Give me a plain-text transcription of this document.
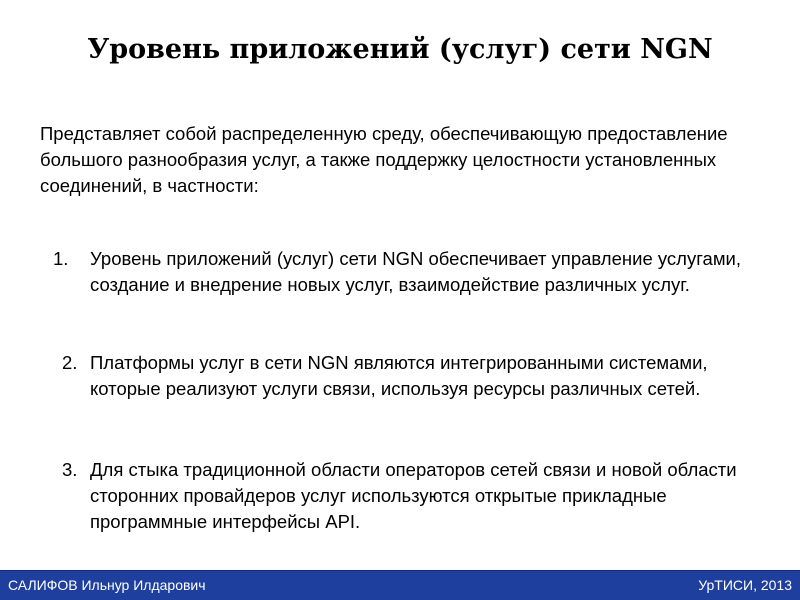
Уровень приложений (услуг) сети NGN
Представляет собой распределенную среду, обеспечивающую предоставление большого разнообразия услуг, а также поддержку целостности установленных соединений, в частности:
1. Уровень приложений (услуг) сети NGN обеспечивает управление услугами, создание и внедрение новых услуг, взаимодействие различных услуг.
2. Платформы услуг в сети NGN являются интегрированными системами, которые реализуют услуги связи, используя ресурсы различных сетей.
3. Для стыка традиционной области операторов сетей связи и новой области сторонних провайдеров услуг используются открытые прикладные программные интерфейсы API.
САЛИФОВ Ильнур Илдарович	УрТИСИ, 2013
